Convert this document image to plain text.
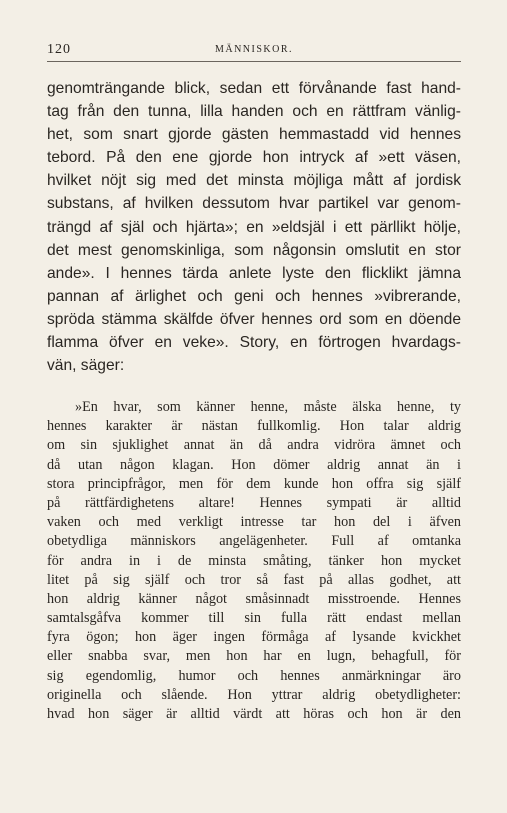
120	MÄNNISKOR.
genomträngande blick, sedan ett förvånande fast hand-
tag från den tunna, lilla handen och en rättfram vänlig-
het, som snart gjorde gästen hemmastadd vid hennes
tebord. På den ene gjorde hon intryck af »ett väsen,
hvilket nöjt sig med det minsta möjliga mått af jordisk
substans, af hvilken dessutom hvar partikel var genom-
trängd af själ och hjärta»; en »eldsjäl i ett pärllikt hölje,
det mest genomskinliga, som någonsin omslutit en stor
ande». I hennes tärda anlete lyste den flicklikt jämna
pannan af ärlighet och geni och hennes »vibrerande,
spröda stämma skälfde öfver hennes ord som en döende
flamma öfver en veke». Story, en förtrogen hvardags-
vän, säger:
»En hvar, som känner henne, måste älska henne, ty
hennes karakter är nästan fullkomlig. Hon talar aldrig
om sin sjuklighet annat än då andra vidröra ämnet och
då utan någon klagan. Hon dömer aldrig annat än i
stora principfrågor, men för dem kunde hon offra sig själf
på rättfärdighetens altare! Hennes sympati är alltid
vaken och med verkligt intresse tar hon del i äfven
obetydliga människors angelägenheter. Full af omtanka
för andra in i de minsta småting, tänker hon mycket
litet på sig själf och tror så fast på allas godhet, att
hon aldrig känner något småsinnadt misstroende. Hennes
samtalsgåfva kommer till sin fulla rätt endast mellan
fyra ögon; hon äger ingen förmåga af lysande kvickhet
eller snabba svar, men hon har en lugn, behagfull, för
sig egendomlig, humor och hennes anmärkningar äro
originella och slående. Hon yttrar aldrig obetydligheter:
hvad hon säger är alltid värdt att höras och hon är den
